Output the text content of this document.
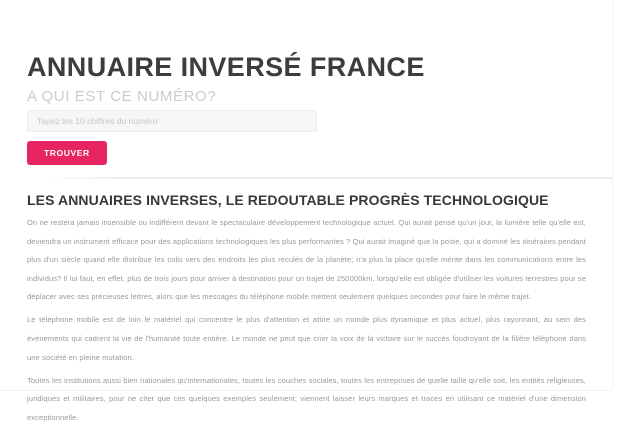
ANNUAIRE INVERSÉ FRANCE
A QUI EST CE NUMÉRO?
Tapez les 10 chiffres du numéro TROUVER
LES ANNUAIRES INVERSES, LE REDOUTABLE PROGRÈS TECHNOLOGIQUE

On ne restera jamais insensible ou indifférent devant le spectaculaire développement technologique actuel. Qui aurait pensé qu'un jour, la lumière telle qu'elle est, deviendra un instrument efficace pour des applications technologiques les plus performantes ? Qui aurait imaginé que la poste, qui a dominé les itinéraires pendant plus d'un siècle quand elle distribue les colis vers des endroits les plus reculés de la planète; n'a plus la place qu'elle mérite dans les communications entre les individus? Il lui faut, en effet, plus de trois jours pour arriver à destination pour un trajet de 250000km, lorsqu'elle est obligée d'utiliser les voitures terrestres pour se déplacer avec ses précieuses lettres, alors que les messages du téléphone mobile mettent seulement quelques secondes pour faire le même trajet.

Le téléphone mobile est de loin le matériel qui concentre le plus d'attention et attire un monde plus dynamique et plus actuel, plus rayonnant, au sein des évènements qui cadrent la vie de l'humanité toute entière. Le monde ne peut que crier la voix de la victoire sur le succès foudroyant de la filière téléphone dans une société en pleine mutation.

Toutes les institutions aussi bien nationales qu'internationales, toutes les couches sociales, toutes les entreprises de quelle taille qu'elle soit, les entités religieuses, juridiques et militaires, pour ne citer que ces quelques exemples seulement; viennent laisser leurs marques et traces en utilisant ce matériel d'une dimension exceptionnelle.
